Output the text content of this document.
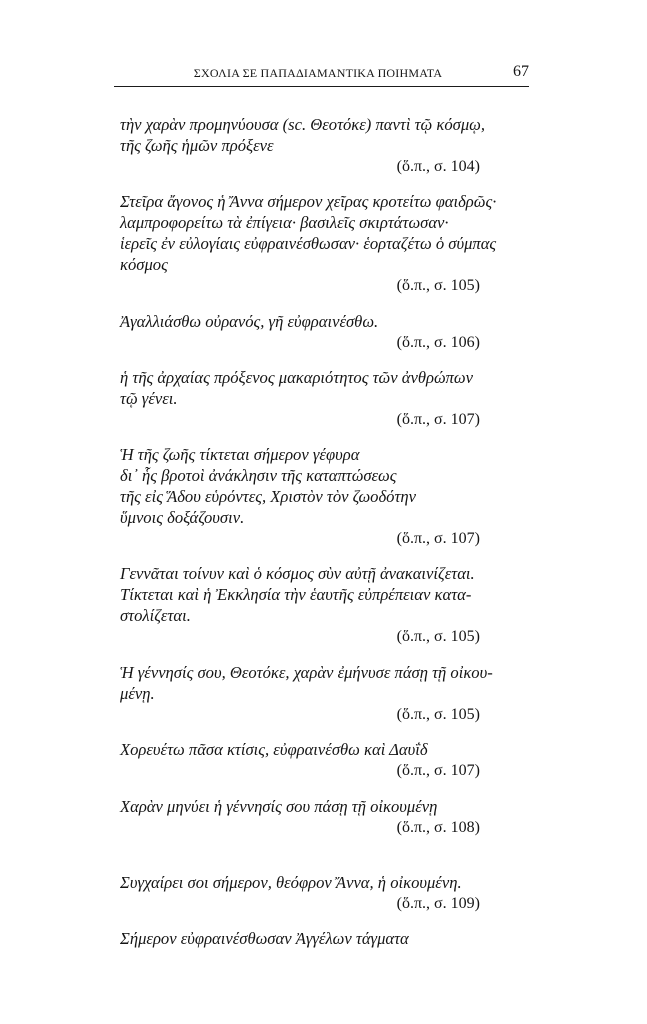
ΣΧΟΛΙΑ ΣΕ ΠΑΠΑΔΙΑΜΑΝΤΙΚΑ ΠΟΙΗΜΑΤΑ	67
τὴν χαρὰν προμηνύουσα (sc. Θεοτόκε) παντὶ τῷ κόσμῳ,
τῆς ζωῆς ἡμῶν πρόξενε
(ὅ.π., σ. 104)
Στεῖρα ἄγονος ἡ Ἄννα σήμερον χεῖρας κροτείτω φαιδρῶς·
λαμπροφορείτω τὰ ἐπίγεια· βασιλεῖς σκιρτάτωσαν·
ἱερεῖς ἐν εὐλογίαις εὐφραινέσθωσαν· ἑορταζέτω ὁ σύμπας
κόσμος
(ὅ.π., σ. 105)
Ἀγαλλιάσθω οὐρανός, γῆ εὐφραινέσθω.
(ὅ.π., σ. 106)
ἡ τῆς ἀρχαίας πρόξενος μακαριότητος τῶν ἀνθρώπων
τῷ γένει.
(ὅ.π., σ. 107)
Ἡ τῆς ζωῆς τίκτεται σήμερον γέφυρα
δι᾽ ἧς βροτοὶ ἀνάκλησιν τῆς καταπτώσεως
τῆς εἰς Ἅδου εὑρόντες, Χριστὸν τὸν ζωοδότην
ὕμνοις δοξάζουσιν.
(ὅ.π., σ. 107)
Γεννᾶται τοίνυν καὶ ὁ κόσμος σὺν αὐτῇ ἀνακαινίζεται.
Τίκτεται καὶ ἡ Ἐκκλησία τὴν ἑαυτῆς εὐπρέπειαν κατα-
στολίζεται.
(ὅ.π., σ. 105)
Ἡ γέννησίς σου, Θεοτόκε, χαρὰν ἐμήνυσε πάσῃ τῇ οἰκου-
μένῃ.
(ὅ.π., σ. 105)
Χορευέτω πᾶσα κτίσις, εὐφραινέσθω καὶ Δαυΐδ
(ὅ.π., σ. 107)
Χαρὰν μηνύει ἡ γέννησίς σου πάσῃ τῇ οἰκουμένῃ
(ὅ.π., σ. 108)
Συγχαίρει σοι σήμερον, θεόφρον Ἄννα, ἡ οἰκουμένη.
(ὅ.π., σ. 109)
Σήμερον εὐφραινέσθωσαν Ἀγγέλων τάγματα
